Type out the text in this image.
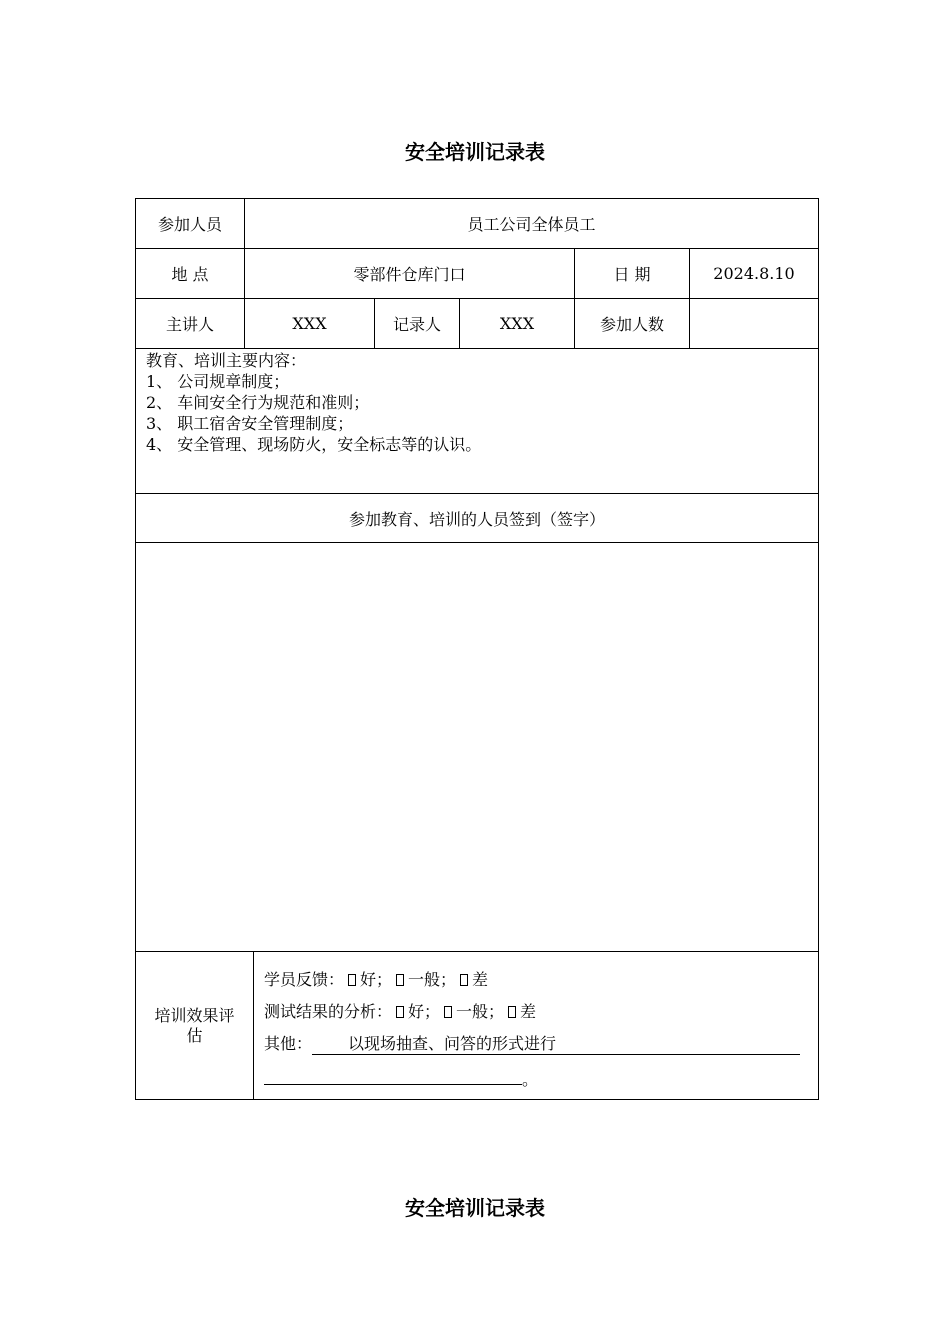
安全培训记录表
参加人员	员工公司全体员工
地 点	零部件仓库门口	日 期	2024.8.10
主讲人	XXX	记录人	XXX	参加人数
教育、培训主要内容：
1、 公司规章制度；
2、 车间安全行为规范和准则；
3、 职工宿舍安全管理制度；
4、 安全管理、现场防火，安全标志等的认识。
参加教育、培训的人员签到（签字）
培训效果评估
学员反馈： 好； 一般； 差
测试结果的分析： 好； 一般； 差
其他： 以现场抽查、问答的形式进行
。
安全培训记录表
